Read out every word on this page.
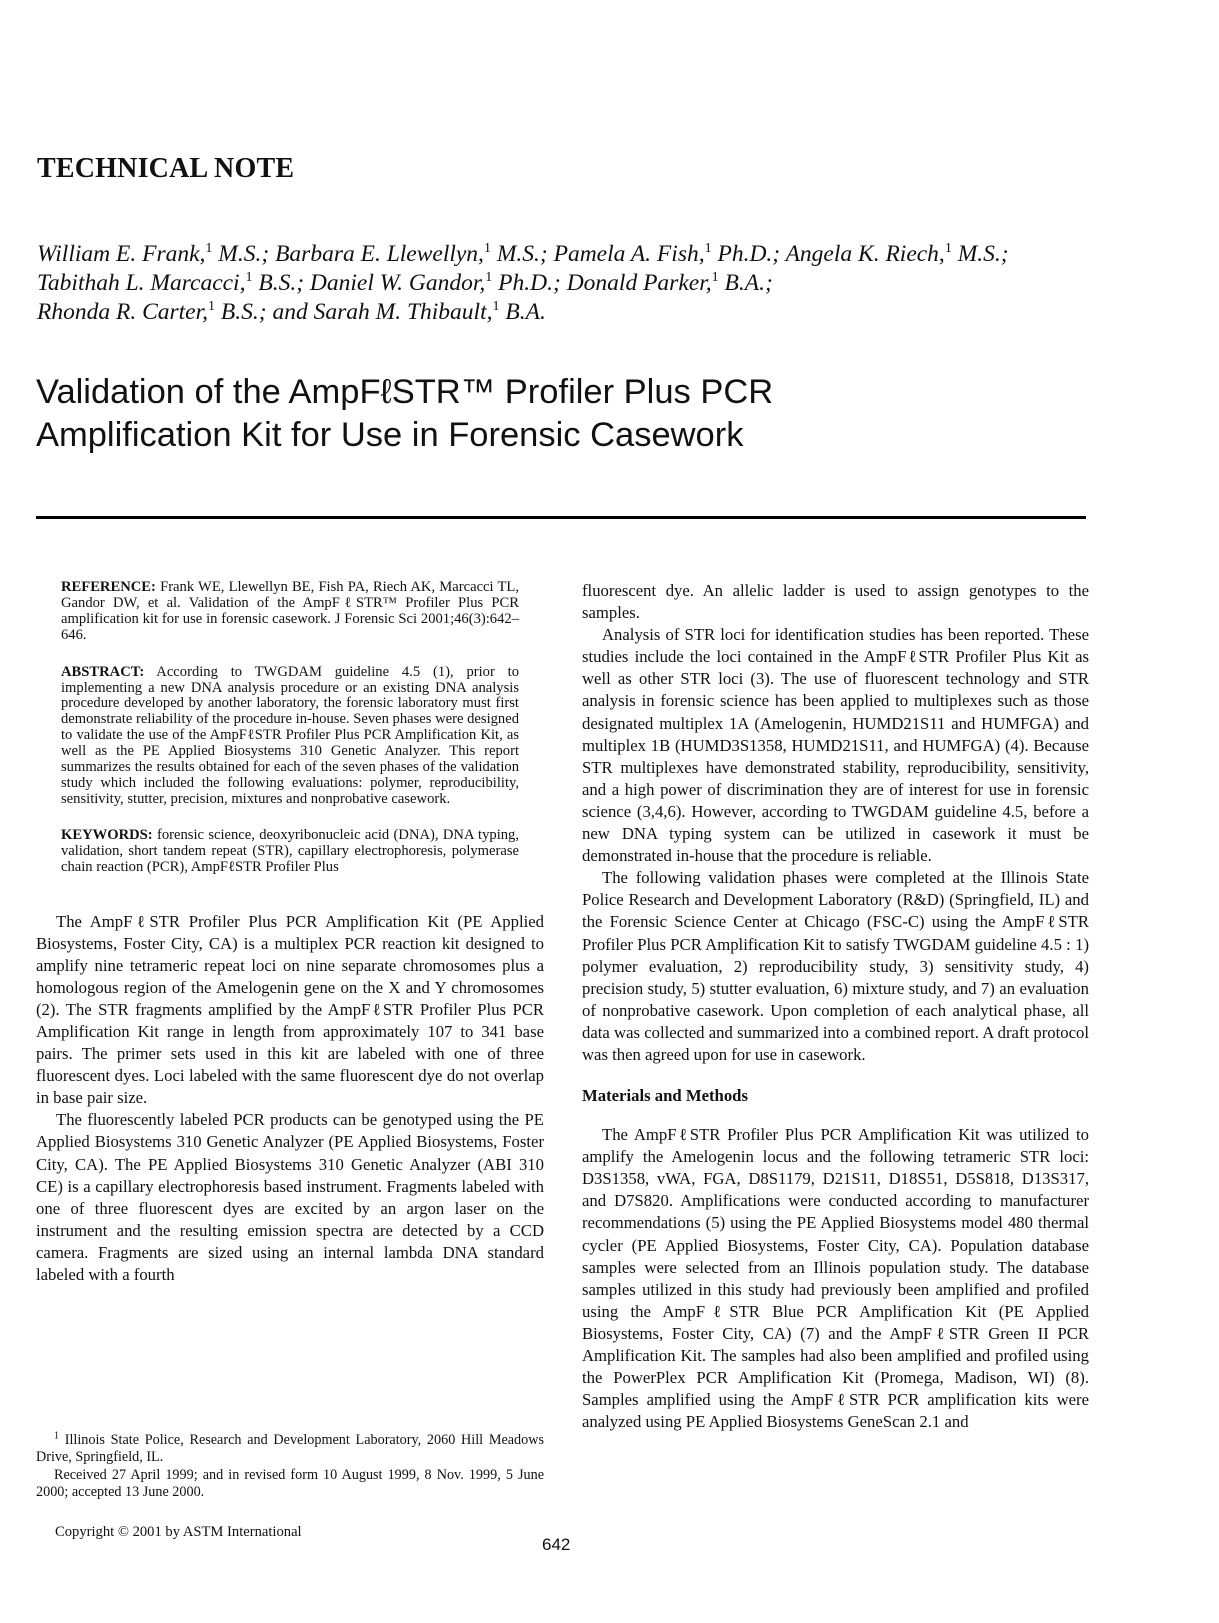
TECHNICAL NOTE
William E. Frank,$^1$ M.S.; Barbara E. Llewellyn,$^1$ M.S.; Pamela A. Fish,$^1$ Ph.D.; Angela K. Riech,$^1$ M.S.;
Tabithah L. Marcacci,$^1$ B.S.; Daniel W. Gandor,$^1$ Ph.D.; Donald Parker,$^1$ B.A.;
Rhonda R. Carter,$^1$ B.S.; and Sarah M. Thibault,$^1$ B.A.
Validation of the AmpFℓSTR™ Profiler Plus PCR
Amplification Kit for Use in Forensic Casework
REFERENCE: Frank WE, Llewellyn BE, Fish PA, Riech AK, Marcacci TL, Gandor DW, et al. Validation of the AmpFℓSTR™ Profiler Plus PCR amplification kit for use in forensic casework. J Forensic Sci 2001;46(3):642–646.
ABSTRACT: According to TWGDAM guideline 4.5 (1), prior to implementing a new DNA analysis procedure or an existing DNA analysis procedure developed by another laboratory, the forensic laboratory must first demonstrate reliability of the procedure in-house. Seven phases were designed to validate the use of the AmpFℓSTR Profiler Plus PCR Amplification Kit, as well as the PE Applied Biosystems 310 Genetic Analyzer. This report summarizes the results obtained for each of the seven phases of the validation study which included the following evaluations: polymer, reproducibility, sensitivity, stutter, precision, mixtures and nonprobative casework.
KEYWORDS: forensic science, deoxyribonucleic acid (DNA), DNA typing, validation, short tandem repeat (STR), capillary electrophoresis, polymerase chain reaction (PCR), AmpFℓSTR Profiler Plus

The AmpFℓSTR Profiler Plus PCR Amplification Kit (PE Applied Biosystems, Foster City, CA) is a multiplex PCR reaction kit designed to amplify nine tetrameric repeat loci on nine separate chromosomes plus a homologous region of the Amelogenin gene on the X and Y chromosomes (2). The STR fragments amplified by the AmpFℓSTR Profiler Plus PCR Amplification Kit range in length from approximately 107 to 341 base pairs. The primer sets used in this kit are labeled with one of three fluorescent dyes. Loci labeled with the same fluorescent dye do not overlap in base pair size.

The fluorescently labeled PCR products can be genotyped using the PE Applied Biosystems 310 Genetic Analyzer (PE Applied Biosystems, Foster City, CA). The PE Applied Biosystems 310 Genetic Analyzer (ABI 310 CE) is a capillary electrophoresis based instrument. Fragments labeled with one of three fluorescent dyes are excited by an argon laser on the instrument and the resulting emission spectra are detected by a CCD camera. Fragments are sized using an internal lambda DNA standard labeled with a fourth

fluorescent dye. An allelic ladder is used to assign genotypes to the samples.

Analysis of STR loci for identification studies has been reported. These studies include the loci contained in the AmpFℓSTR Profiler Plus Kit as well as other STR loci (3). The use of fluorescent technology and STR analysis in forensic science has been applied to multiplexes such as those designated multiplex 1A (Amelogenin, HUMD21S11 and HUMFGA) and multiplex 1B (HUMD3S1358, HUMD21S11, and HUMFGA) (4). Because STR multiplexes have demonstrated stability, reproducibility, sensitivity, and a high power of discrimination they are of interest for use in forensic science (3,4,6). However, according to TWGDAM guideline 4.5, before a new DNA typing system can be utilized in casework it must be demonstrated in-house that the procedure is reliable.

The following validation phases were completed at the Illinois State Police Research and Development Laboratory (R&D) (Springfield, IL) and the Forensic Science Center at Chicago (FSC-C) using the AmpFℓSTR Profiler Plus PCR Amplification Kit to satisfy TWGDAM guideline 4.5 : 1) polymer evaluation, 2) reproducibility study, 3) sensitivity study, 4) precision study, 5) stutter evaluation, 6) mixture study, and 7) an evaluation of nonprobative casework. Upon completion of each analytical phase, all data was collected and summarized into a combined report. A draft protocol was then agreed upon for use in casework.

Materials and Methods

The AmpFℓSTR Profiler Plus PCR Amplification Kit was utilized to amplify the Amelogenin locus and the following tetrameric STR loci: D3S1358, vWA, FGA, D8S1179, D21S11, D18S51, D5S818, D13S317, and D7S820. Amplifications were conducted according to manufacturer recommendations (5) using the PE Applied Biosystems model 480 thermal cycler (PE Applied Biosystems, Foster City, CA). Population database samples were selected from an Illinois population study. The database samples utilized in this study had previously been amplified and profiled using the AmpFℓSTR Blue PCR Amplification Kit (PE Applied Biosystems, Foster City, CA) (7) and the AmpFℓSTR Green II PCR Amplification Kit. The samples had also been amplified and profiled using the PowerPlex PCR Amplification Kit (Promega, Madison, WI) (8). Samples amplified using the AmpFℓSTR PCR amplification kits were analyzed using PE Applied Biosystems GeneScan 2.1 and

$^1$ Illinois State Police, Research and Development Laboratory, 2060 Hill Meadows Drive, Springfield, IL.

Received 27 April 1999; and in revised form 10 August 1999, 8 Nov. 1999, 5 June 2000; accepted 13 June 2000.

Copyright © 2001 by ASTM International
642
